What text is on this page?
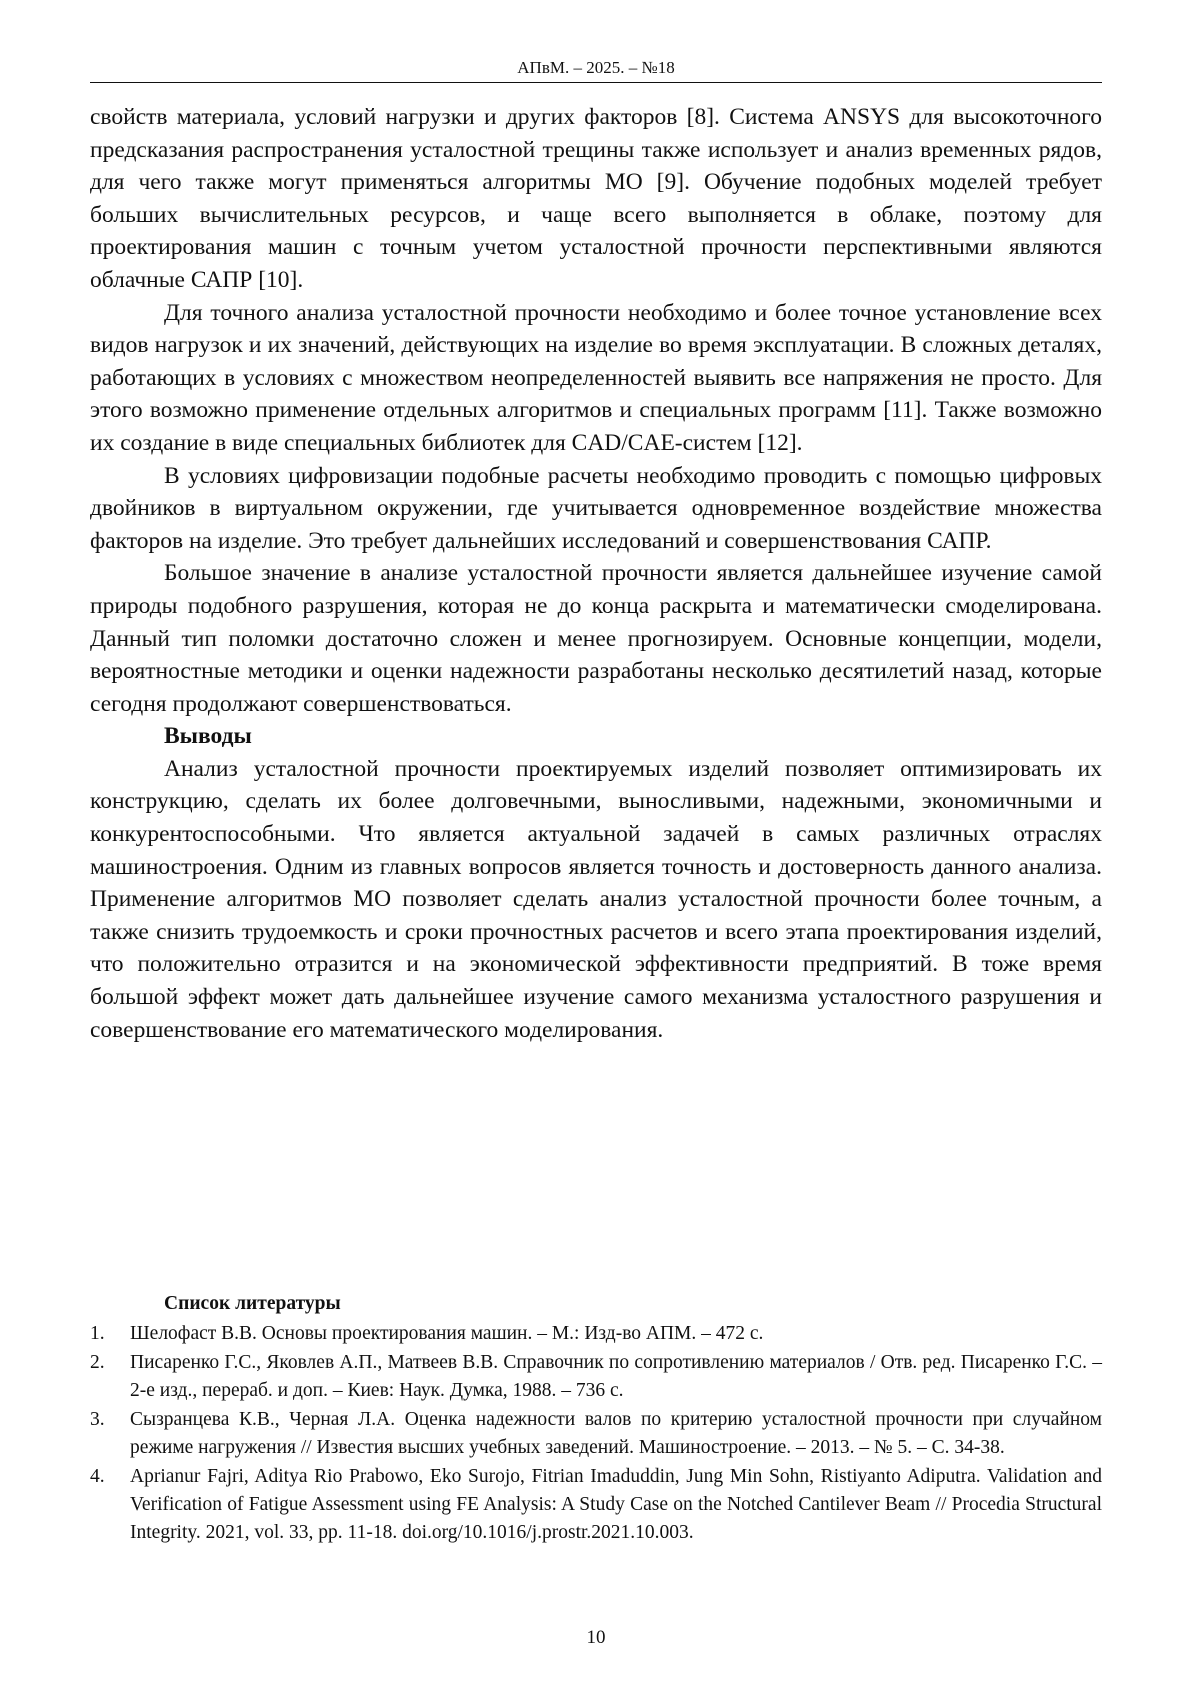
АПвМ. – 2025. – №18

свойств материала, условий нагрузки и других факторов [8]. Система ANSYS для высокоточного предсказания распространения усталостной трещины также использует и анализ временных рядов, для чего также могут применяться алгоритмы МО [9]. Обучение подобных моделей требует больших вычислительных ресурсов, и чаще всего выполняется в облаке, поэтому для проектирования машин с точным учетом усталостной прочности перспективными являются облачные САПР [10].

Для точного анализа усталостной прочности необходимо и более точное установление всех видов нагрузок и их значений, действующих на изделие во время эксплуатации. В сложных деталях, работающих в условиях с множеством неопределенностей выявить все напряжения не просто. Для этого возможно применение отдельных алгоритмов и специальных программ [11]. Также возможно их создание в виде специальных библиотек для CAD/CAE-систем [12].

В условиях цифровизации подобные расчеты необходимо проводить с помощью цифровых двойников в виртуальном окружении, где учитывается одновременное воздействие множества факторов на изделие. Это требует дальнейших исследований и совершенствования САПР.

Большое значение в анализе усталостной прочности является дальнейшее изучение самой природы подобного разрушения, которая не до конца раскрыта и математически смоделирована. Данный тип поломки достаточно сложен и менее прогнозируем. Основные концепции, модели, вероятностные методики и оценки надежности разработаны несколько десятилетий назад, которые сегодня продолжают совершенствоваться.

Выводы

Анализ усталостной прочности проектируемых изделий позволяет оптимизировать их конструкцию, сделать их более долговечными, выносливыми, надежными, экономичными и конкурентоспособными. Что является актуальной задачей в самых различных отраслях машиностроения. Одним из главных вопросов является точность и достоверность данного анализа. Применение алгоритмов МО позволяет сделать анализ усталостной прочности более точным, а также снизить трудоемкость и сроки прочностных расчетов и всего этапа проектирования изделий, что положительно отразится и на экономической эффективности предприятий. В тоже время большой эффект может дать дальнейшее изучение самого механизма усталостного разрушения и совершенствование его математического моделирования.

Список литературы
1.	Шелофаст В.В. Основы проектирования машин. – М.: Изд-во АПМ. – 472 с.
2.	Писаренко Г.С., Яковлев А.П., Матвеев В.В. Справочник по сопротивлению материалов / Отв. ред. Писаренко Г.С. – 2-е изд., перераб. и доп. – Киев: Наук. Думка, 1988. – 736 с.
3.	Сызранцева К.В., Черная Л.А. Оценка надежности валов по критерию усталостной прочности при случайном режиме нагружения // Известия высших учебных заведений. Машиностроение. – 2013. – № 5. – С. 34-38.
4.	Aprianur Fajri, Aditya Rio Prabowo, Eko Surojo, Fitrian Imaduddin, Jung Min Sohn, Ristiyanto Adiputra. Validation and Verification of Fatigue Assessment using FE Analysis: A Study Case on the Notched Cantilever Beam // Procedia Structural Integrity. 2021, vol. 33, pp. 11-18. doi.org/10.1016/j.prostr.2021.10.003.
10
